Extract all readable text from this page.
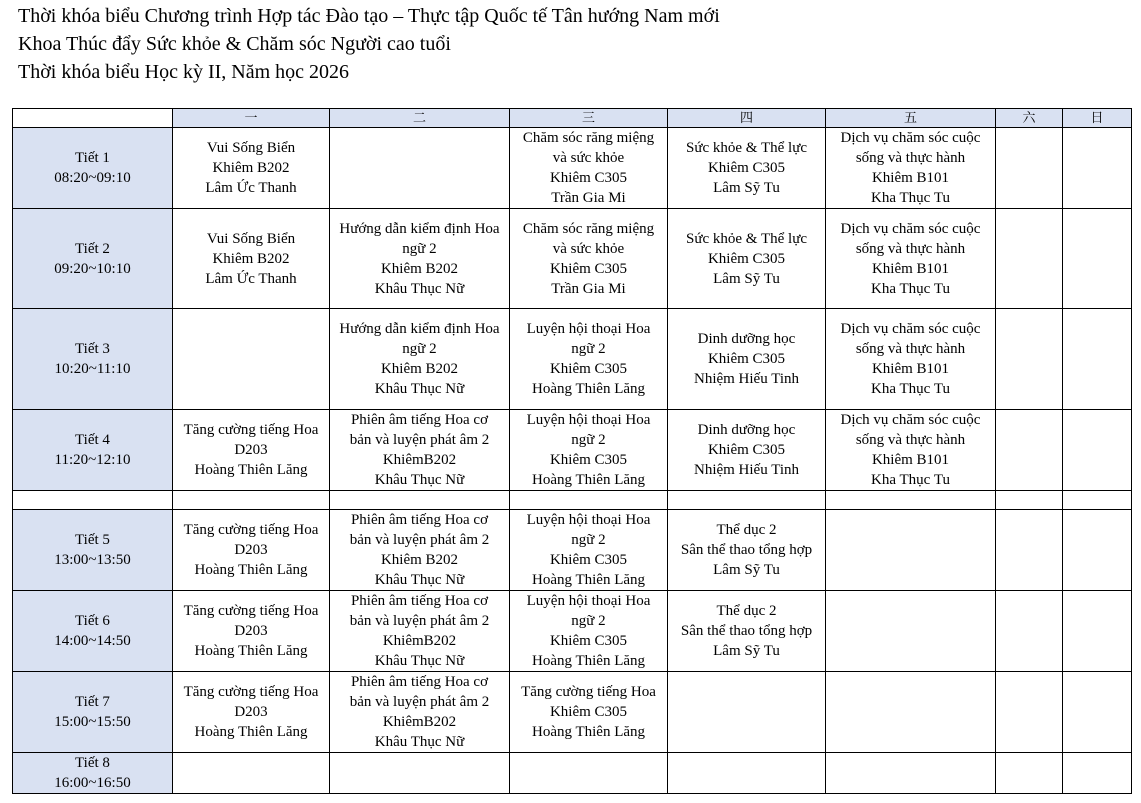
Thời khóa biểu Chương trình Hợp tác Đào tạo – Thực tập Quốc tế Tân hướng Nam mới
Khoa Thúc đẩy Sức khỏe & Chăm sóc Người cao tuổi
Thời khóa biểu Học kỳ II, Năm học 2026
	一	二	三	四	五	六	日

Tiết 1
08:20~09:10	Vui Sống Biển
Khiêm B202
Lâm Ức Thanh		Chăm sóc răng miệng
và sức khỏe
Khiêm C305
Trần Gia Mi	Sức khỏe & Thể lực
Khiêm C305
Lâm Sỹ Tu	Dịch vụ chăm sóc cuộc
sống và thực hành
Khiêm B101
Kha Thục Tu		

Tiết 2
09:20~10:10	Vui Sống Biển
Khiêm B202
Lâm Ức Thanh	Hướng dẫn kiểm định Hoa
ngữ 2
Khiêm B202
Khâu Thục Nữ	Chăm sóc răng miệng
và sức khỏe
Khiêm C305
Trần Gia Mi	Sức khỏe & Thể lực
Khiêm C305
Lâm Sỹ Tu	Dịch vụ chăm sóc cuộc
sống và thực hành
Khiêm B101
Kha Thục Tu		

Tiết 3
10:20~11:10		Hướng dẫn kiểm định Hoa
ngữ 2
Khiêm B202
Khâu Thục Nữ	Luyện hội thoại Hoa
ngữ 2
Khiêm C305
Hoàng Thiên Lăng	Dinh dưỡng học
Khiêm C305
Nhiệm Hiếu Tinh	Dịch vụ chăm sóc cuộc
sống và thực hành
Khiêm B101
Kha Thục Tu		

Tiết 4
11:20~12:10	Tăng cường tiếng Hoa
D203
Hoàng Thiên Lăng	Phiên âm tiếng Hoa cơ
bản và luyện phát âm 2
KhiêmB202
Khâu Thục Nữ	Luyện hội thoại Hoa
ngữ 2
Khiêm C305
Hoàng Thiên Lăng	Dinh dưỡng học
Khiêm C305
Nhiệm Hiếu Tinh	Dịch vụ chăm sóc cuộc
sống và thực hành
Khiêm B101
Kha Thục Tu		

Tiết 5
13:00~13:50	Tăng cường tiếng Hoa
D203
Hoàng Thiên Lăng	Phiên âm tiếng Hoa cơ
bản và luyện phát âm 2
Khiêm B202
Khâu Thục Nữ	Luyện hội thoại Hoa
ngữ 2
Khiêm C305
Hoàng Thiên Lăng	Thể dục 2
Sân thể thao tổng hợp
Lâm Sỹ Tu			

Tiết 6
14:00~14:50	Tăng cường tiếng Hoa
D203
Hoàng Thiên Lăng	Phiên âm tiếng Hoa cơ
bản và luyện phát âm 2
KhiêmB202
Khâu Thục Nữ	Luyện hội thoại Hoa
ngữ 2
Khiêm C305
Hoàng Thiên Lăng	Thể dục 2
Sân thể thao tổng hợp
Lâm Sỹ Tu			

Tiết 7
15:00~15:50	Tăng cường tiếng Hoa
D203
Hoàng Thiên Lăng	Phiên âm tiếng Hoa cơ
bản và luyện phát âm 2
KhiêmB202
Khâu Thục Nữ	Tăng cường tiếng Hoa
Khiêm C305
Hoàng Thiên Lăng				

Tiết 8
16:00~16:50							
